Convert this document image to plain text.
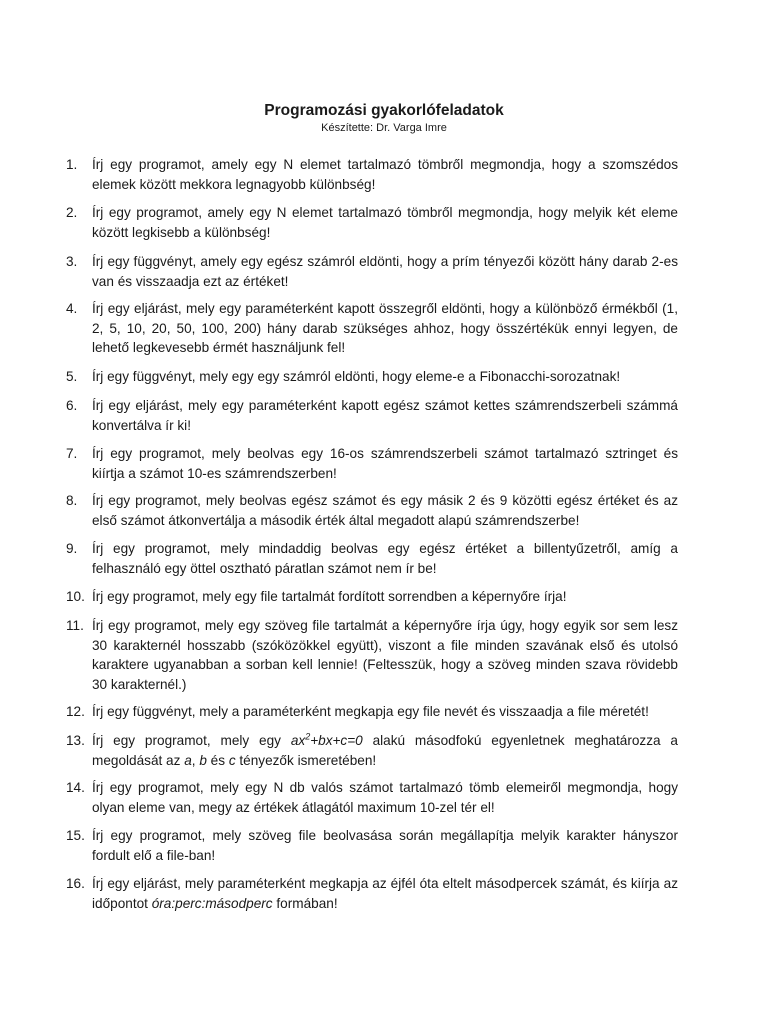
Programozási gyakorlófeladatok
Készítette: Dr. Varga Imre
1.	Írj egy programot, amely egy N elemet tartalmazó tömbről megmondja, hogy a szomszédos elemek között mekkora legnagyobb különbség!
2.	Írj egy programot, amely egy N elemet tartalmazó tömbről megmondja, hogy melyik két eleme között legkisebb a különbség!
3.	Írj egy függvényt, amely egy egész számról eldönti, hogy a prím tényezői között hány darab 2-es van és visszaadja ezt az értéket!
4.	Írj egy eljárást, mely egy paraméterként kapott összegről eldönti, hogy a különböző érmékből (1, 2, 5, 10, 20, 50, 100, 200) hány darab szükséges ahhoz, hogy összértékük ennyi legyen, de lehető legkevesebb érmét használjunk fel!
5.	Írj egy függvényt, mely egy egy számról eldönti, hogy eleme-e a Fibonacchi-sorozatnak!
6.	Írj egy eljárást, mely egy paraméterként kapott egész számot kettes számrendszerbeli számmá konvertálva ír ki!
7.	Írj egy programot, mely beolvas egy 16-os számrendszerbeli számot tartalmazó sztringet és kiírtja a számot 10-es számrendszerben!
8.	Írj egy programot, mely beolvas egész számot és egy másik 2 és 9 közötti egész értéket és az első számot átkonvertálja a második érték által megadott alapú számrendszerbe!
9.	Írj egy programot, mely mindaddig beolvas egy egész értéket a billentyűzetről, amíg a felhasználó egy öttel osztható páratlan számot nem ír be!
10. Írj egy programot, mely egy file tartalmát fordított sorrendben a képernyőre írja!
11. Írj egy programot, mely egy szöveg file tartalmát a képernyőre írja úgy, hogy egyik sor sem lesz 30 karakternél hosszabb (szóközökkel együtt), viszont a file minden szavának első és utolsó karaktere ugyanabban a sorban kell lennie! (Feltesszük, hogy a szöveg minden szava rövidebb 30 karakternél.)
12. Írj egy függvényt, mely a paraméterként megkapja egy file nevét és visszaadja a file méretét!
13. Írj egy programot, mely egy $ax^2+bx+c=0$ alakú másodfokú egyenletnek meghatározza a megoldását az a, b és c tényezők ismeretében!
14. Írj egy programot, mely egy N db valós számot tartalmazó tömb elemeiről megmondja, hogy olyan eleme van, megy az értékek átlagától maximum 10-zel tér el!
15. Írj egy programot, mely szöveg file beolvasása során megállapítja melyik karakter hányszor fordult elő a file-ban!
16. Írj egy eljárást, mely paraméterként megkapja az éjfél óta eltelt másodpercek számát, és kiírja az időpontot óra:perc:másodperc formában!
